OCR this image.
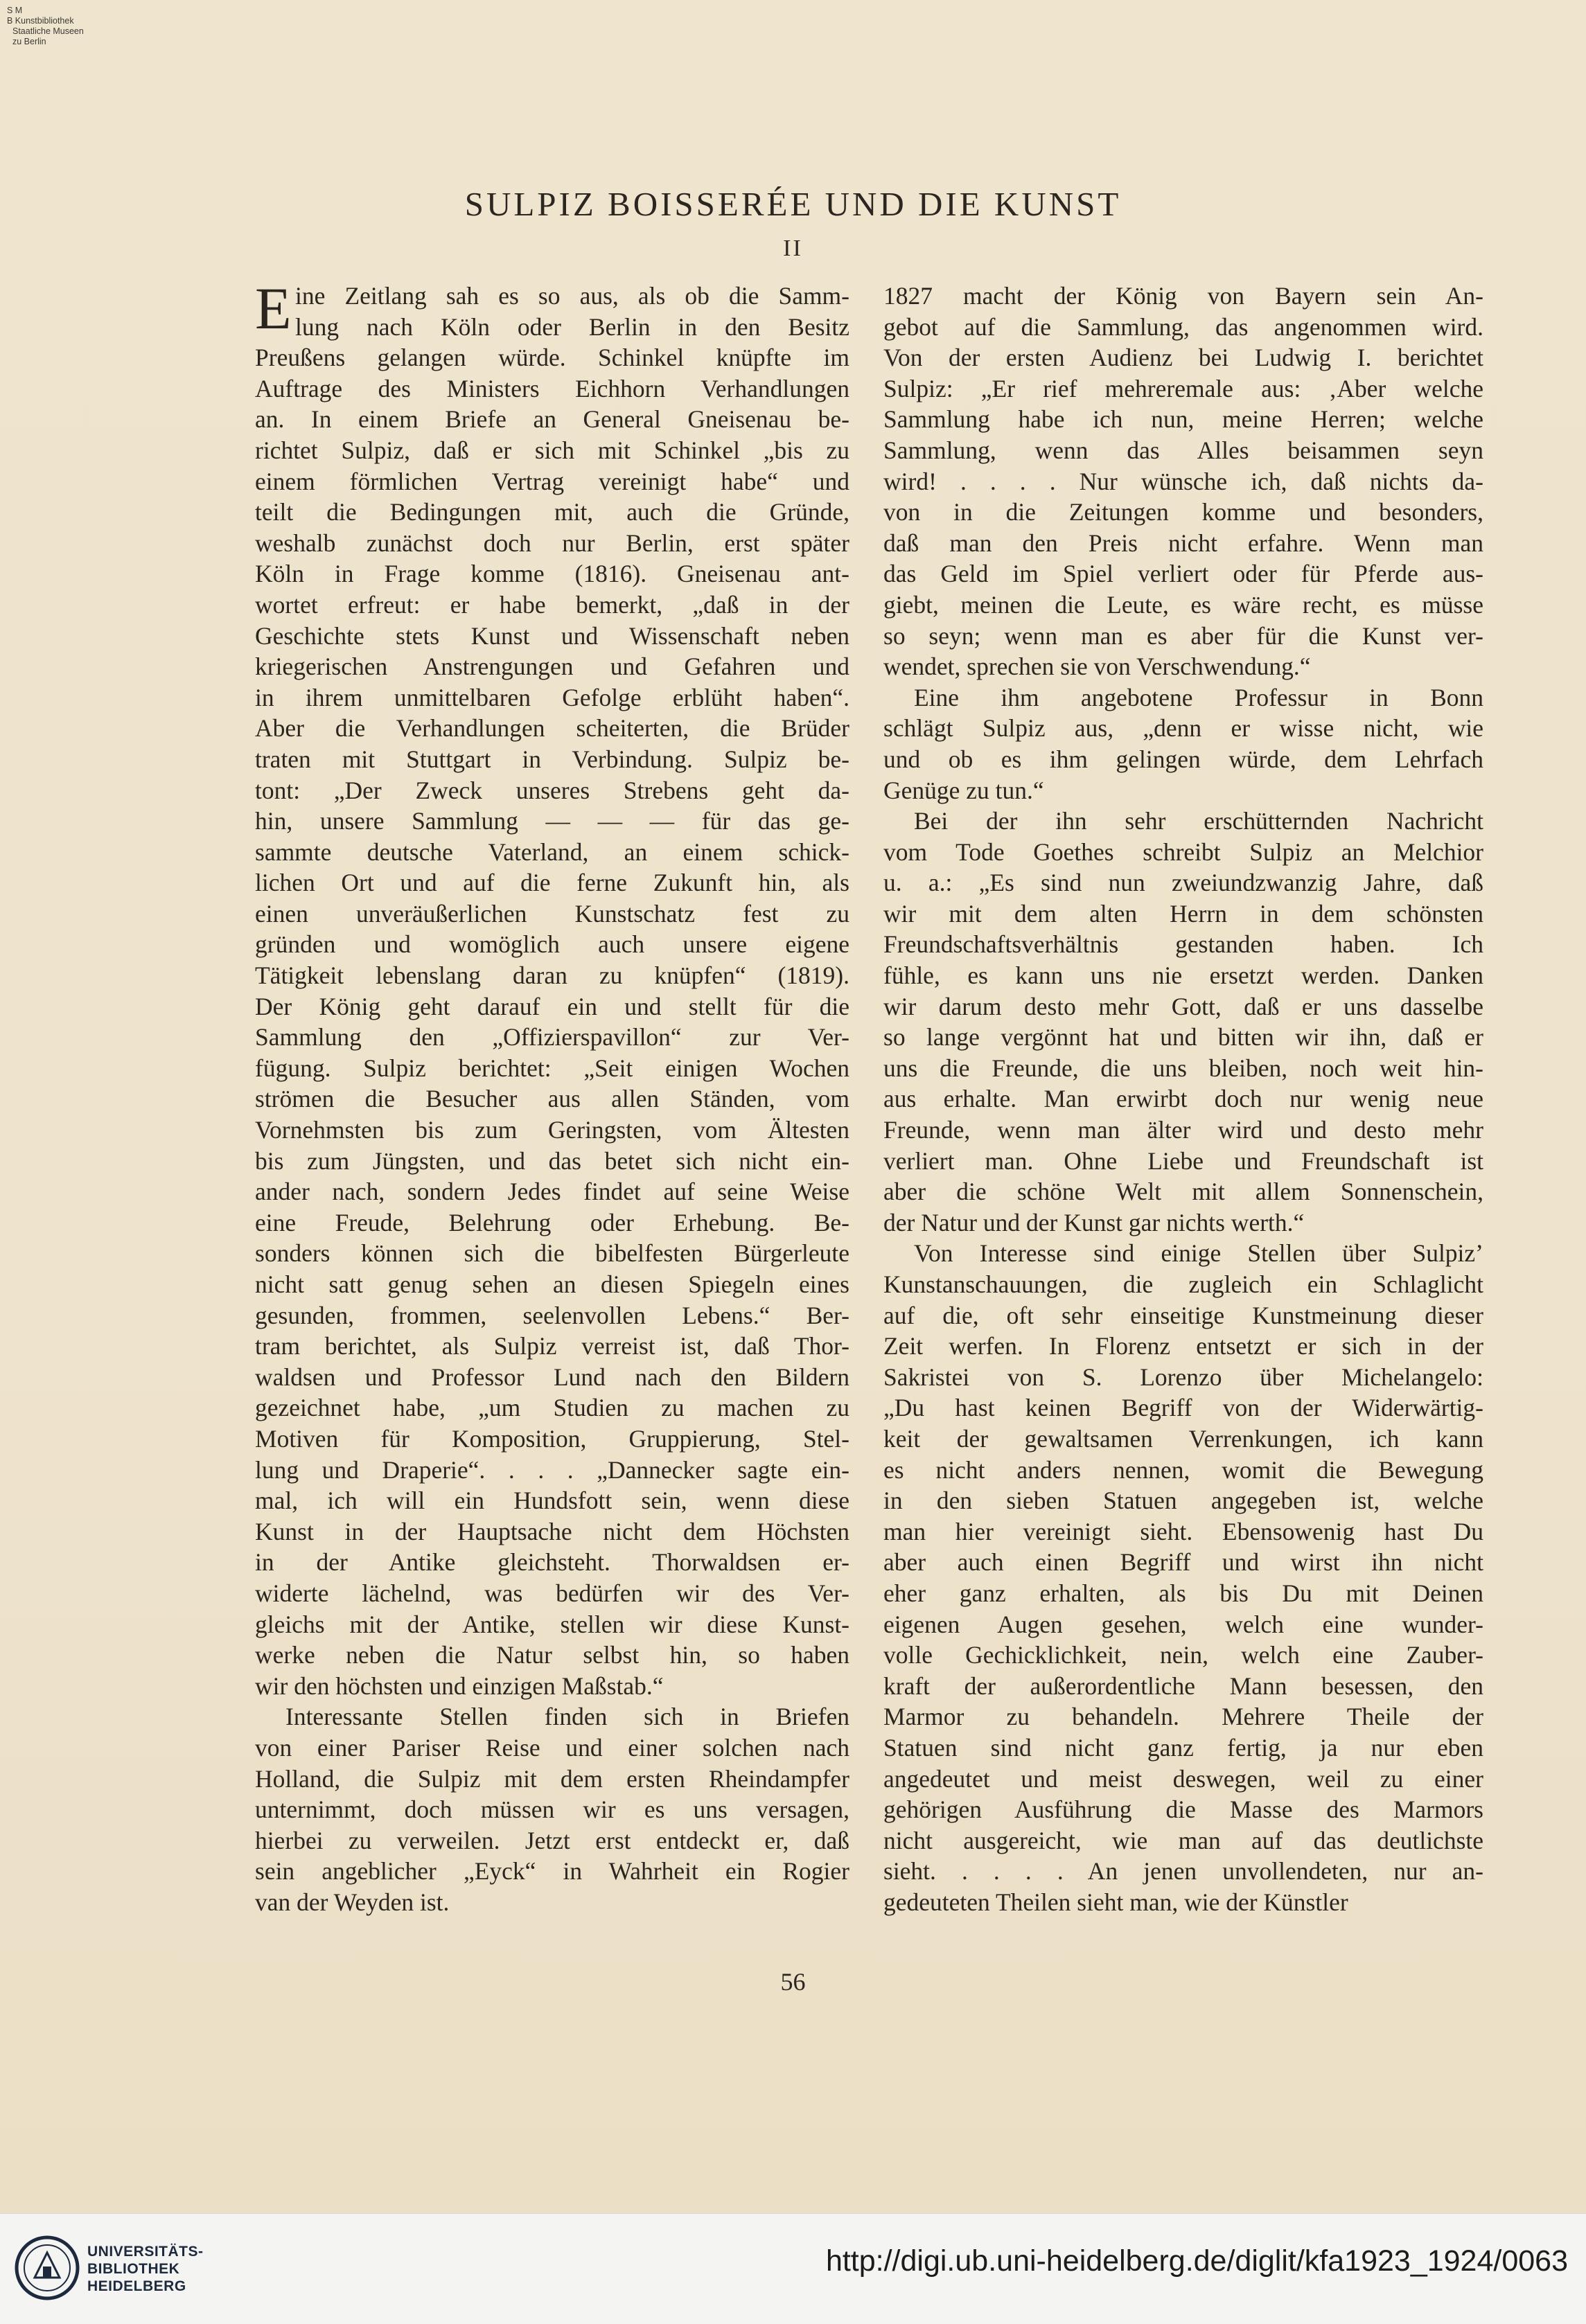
S M
B Kunstbibliothek
Staatliche Museen
zu Berlin
SULPIZ BOISSERÉE UND DIE KUNST
II
ine Zeitlang sah es so aus, als ob die Samm-
lung nach Köln oder Berlin in den Besitz
Preußens gelangen würde. Schinkel knüpfte im
Auftrage des Ministers Eichhorn Verhandlungen
an. In einem Briefe an General Gneisenau be-
richtet Sulpiz, daß er sich mit Schinkel „bis zu
einem förmlichen Vertrag vereinigt habe“ und
teilt die Bedingungen mit, auch die Gründe,
weshalb zunächst doch nur Berlin, erst später
Köln in Frage komme (1816). Gneisenau ant-
wortet erfreut: er habe bemerkt, „daß in der
Geschichte stets Kunst und Wissenschaft neben
kriegerischen Anstrengungen und Gefahren und
in ihrem unmittelbaren Gefolge erblüht haben“.
Aber die Verhandlungen scheiterten, die Brüder
traten mit Stuttgart in Verbindung. Sulpiz be-
tont: „Der Zweck unseres Strebens geht da-
hin, unsere Sammlung — — — für das ge-
sammte deutsche Vaterland, an einem schick-
lichen Ort und auf die ferne Zukunft hin, als
einen unveräußerlichen Kunstschatz fest zu
gründen und womöglich auch unsere eigene
Tätigkeit lebenslang daran zu knüpfen“ (1819).
Der König geht darauf ein und stellt für die
Sammlung den „Offizierspavillon“ zur Ver-
fügung. Sulpiz berichtet: „Seit einigen Wochen
strömen die Besucher aus allen Ständen, vom
Vornehmsten bis zum Geringsten, vom Ältesten
bis zum Jüngsten, und das betet sich nicht ein-
ander nach, sondern Jedes findet auf seine Weise
eine Freude, Belehrung oder Erhebung. Be-
sonders können sich die bibelfesten Bürgerleute
nicht satt genug sehen an diesen Spiegeln eines
gesunden, frommen, seelenvollen Lebens.“ Ber-
tram berichtet, als Sulpiz verreist ist, daß Thor-
waldsen und Professor Lund nach den Bildern
gezeichnet habe, „um Studien zu machen zu
Motiven für Komposition, Gruppierung, Stel-
lung und Draperie“. . . . „Dannecker sagte ein-
mal, ich will ein Hundsfott sein, wenn diese
Kunst in der Hauptsache nicht dem Höchsten
in der Antike gleichsteht. Thorwaldsen er-
widerte lächelnd, was bedürfen wir des Ver-
gleichs mit der Antike, stellen wir diese Kunst-
werke neben die Natur selbst hin, so haben
wir den höchsten und einzigen Maßstab.“
Interessante Stellen finden sich in Briefen
von einer Pariser Reise und einer solchen nach
Holland, die Sulpiz mit dem ersten Rheindampfer
unternimmt, doch müssen wir es uns versagen,
hierbei zu verweilen. Jetzt erst entdeckt er, daß
sein angeblicher „Eyck“ in Wahrheit ein Rogier
van der Weyden ist.
E	1827 macht der König von Bayern sein An-
gebot auf die Sammlung, das angenommen wird.
Von der ersten Audienz bei Ludwig I. berichtet
Sulpiz: „Er rief mehreremale aus: ‚Aber welche
Sammlung habe ich nun, meine Herren; welche
Sammlung, wenn das Alles beisammen seyn
wird! . . . . Nur wünsche ich, daß nichts da-
von in die Zeitungen komme und besonders,
daß man den Preis nicht erfahre. Wenn man
das Geld im Spiel verliert oder für Pferde aus-
giebt, meinen die Leute, es wäre recht, es müsse
so seyn; wenn man es aber für die Kunst ver-
wendet, sprechen sie von Verschwendung.“
Eine ihm angebotene Professur in Bonn
schlägt Sulpiz aus, „denn er wisse nicht, wie
und ob es ihm gelingen würde, dem Lehrfach
Genüge zu tun.“
Bei der ihn sehr erschütternden Nachricht
vom Tode Goethes schreibt Sulpiz an Melchior
u. a.: „Es sind nun zweiundzwanzig Jahre, daß
wir mit dem alten Herrn in dem schönsten
Freundschaftsverhältnis gestanden haben. Ich
fühle, es kann uns nie ersetzt werden. Danken
wir darum desto mehr Gott, daß er uns dasselbe
so lange vergönnt hat und bitten wir ihn, daß er
uns die Freunde, die uns bleiben, noch weit hin-
aus erhalte. Man erwirbt doch nur wenig neue
Freunde, wenn man älter wird und desto mehr
verliert man. Ohne Liebe und Freundschaft ist
aber die schöne Welt mit allem Sonnenschein,
der Natur und der Kunst gar nichts werth.“
Von Interesse sind einige Stellen über Sulpiz’
Kunstanschauungen, die zugleich ein Schlaglicht
auf die, oft sehr einseitige Kunstmeinung dieser
Zeit werfen. In Florenz entsetzt er sich in der
Sakristei von S. Lorenzo über Michelangelo:
„Du hast keinen Begriff von der Widerwärtig-
keit der gewaltsamen Verrenkungen, ich kann
es nicht anders nennen, womit die Bewegung
in den sieben Statuen angegeben ist, welche
man hier vereinigt sieht. Ebensowenig hast Du
aber auch einen Begriff und wirst ihn nicht
eher ganz erhalten, als bis Du mit Deinen
eigenen Augen gesehen, welch eine wunder-
volle Gechicklichkeit, nein, welch eine Zauber-
kraft der außerordentliche Mann besessen, den
Marmor zu behandeln. Mehrere Theile der
Statuen sind nicht ganz fertig, ja nur eben
angedeutet und meist deswegen, weil zu einer
gehörigen Ausführung die Masse des Marmors
nicht ausgereicht, wie man auf das deutlichste
sieht. . . . . An jenen unvollendeten, nur an-
gedeuteten Theilen sieht man, wie der Künstler
56
UNIVERSITÄTS-
BIBLIOTHEK
HEIDELBERG
http://digi.ub.uni-heidelberg.de/diglit/kfa1923_1924/0063
